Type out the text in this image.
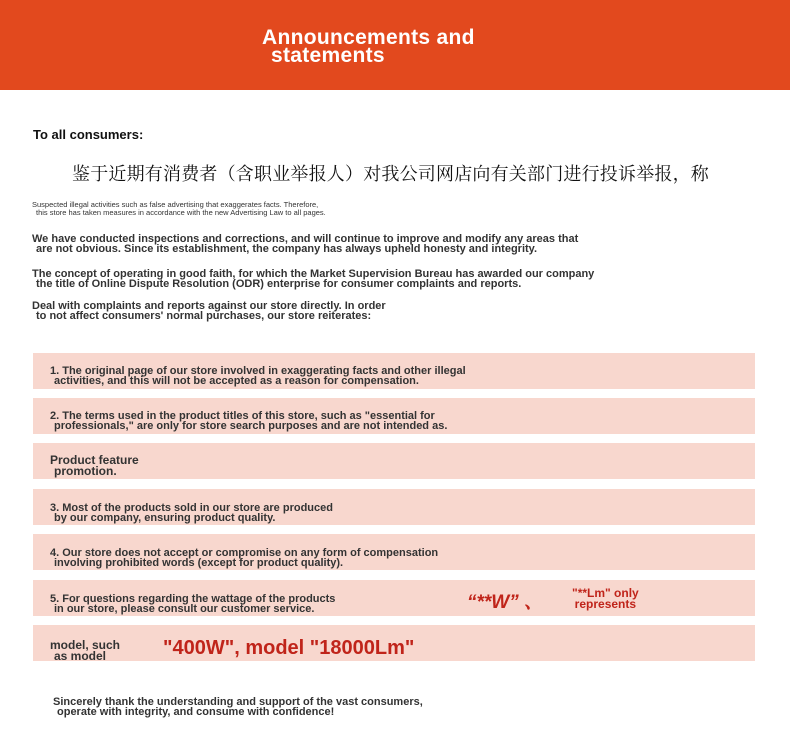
Announcements and
statements
To all consumers:
鉴于近期有消费者（含职业举报人）对我公司网店向有关部门进行投诉举报，称
Suspected illegal activities such as false advertising that exaggerates facts. Therefore,
this store has taken measures in accordance with the new Advertising Law to all pages.
We have conducted inspections and corrections, and will continue to improve and modify any areas that
are not obvious. Since its establishment, the company has always upheld honesty and integrity.
The concept of operating in good faith, for which the Market Supervision Bureau has awarded our company
the title of Online Dispute Resolution (ODR) enterprise for consumer complaints and reports.
Deal with complaints and reports against our store directly. In order
to not affect consumers' normal purchases, our store reiterates:
1. The original page of our store involved in exaggerating facts and other illegal
activities, and this will not be accepted as a reason for compensation.
2. The terms used in the product titles of this store, such as "essential for
professionals," are only for store search purposes and are not intended as.
Product feature
promotion.
3. Most of the products sold in our store are produced
by our company, ensuring product quality.
4. Our store does not accept or compromise on any form of compensation
involving prohibited words (except for product quality).
5. For questions regarding the wattage of the products
in our store, please consult our customer service.	“**W” 、 "**Lm" only
represents
model, such
as model	"400W", model "18000Lm"
Sincerely thank the understanding and support of the vast consumers,
operate with integrity, and consume with confidence!
